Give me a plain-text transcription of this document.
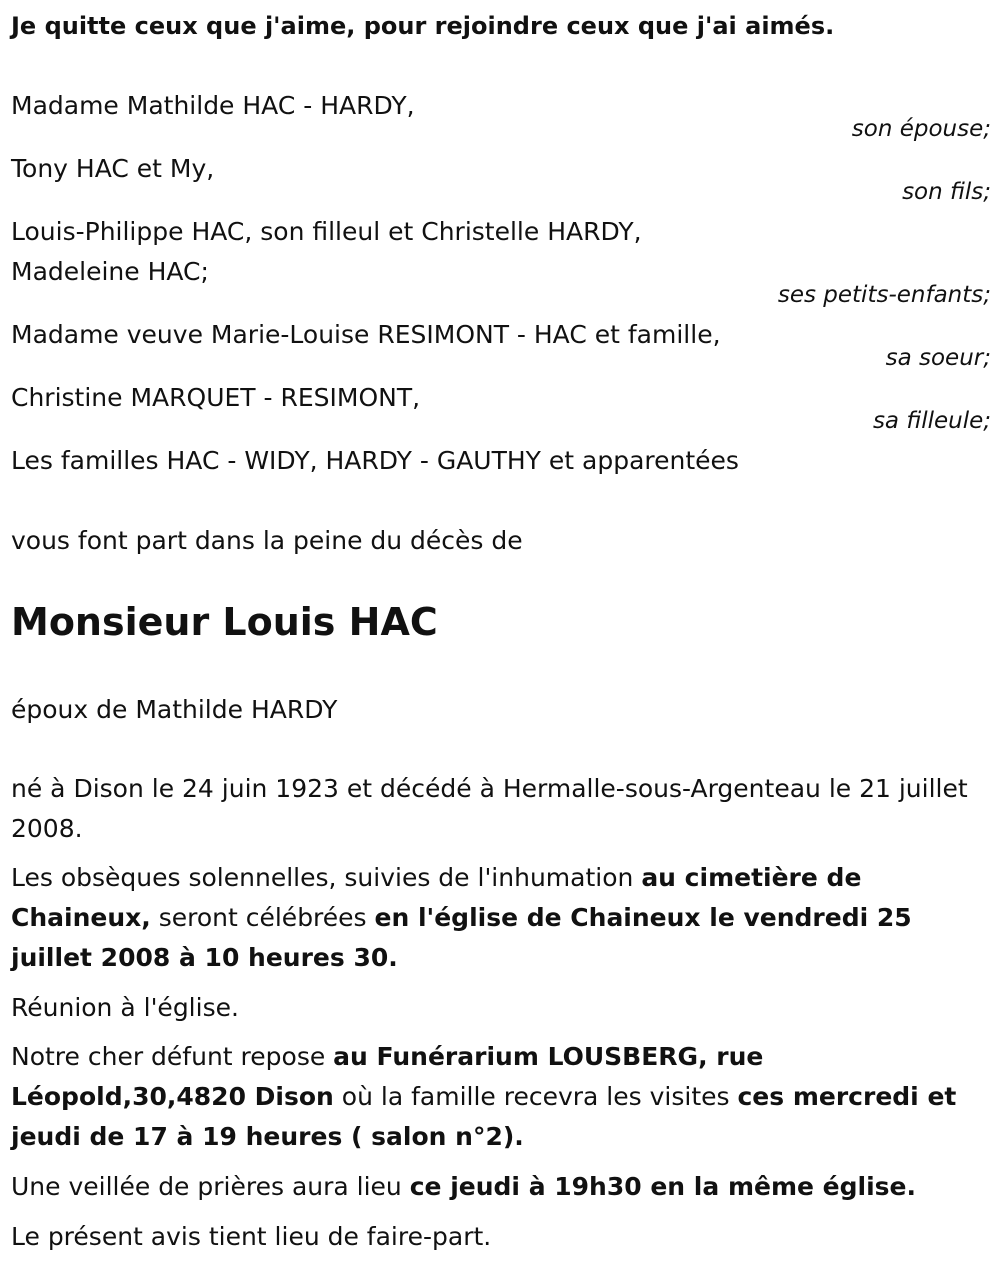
Je quitte ceux que j'aime, pour rejoindre ceux que j'ai aimés.
Madame Mathilde HAC - HARDY,
son épouse;
Tony HAC et My,
son fils;
Louis-Philippe HAC, son filleul et Christelle HARDY,
Madeleine HAC;
ses petits-enfants;
Madame veuve Marie-Louise RESIMONT - HAC et famille,
sa soeur;
Christine MARQUET - RESIMONT,
sa filleule;
Les familles HAC - WIDY, HARDY - GAUTHY et apparentées
vous font part dans la peine du décès de
Monsieur Louis HAC
époux de Mathilde HARDY
né à Dison le 24 juin 1923 et décédé à Hermalle-sous-Argenteau le 21 juillet 2008.
Les obsèques solennelles, suivies de l'inhumation au cimetière de Chaineux, seront célébrées en l'église de Chaineux le vendredi 25 juillet 2008 à 10 heures 30.
Réunion à l'église.
Notre cher défunt repose au Funérarium LOUSBERG, rue Léopold,30,4820 Dison où la famille recevra les visites ces mercredi et jeudi de 17 à 19 heures ( salon n°2).
Une veillée de prières aura lieu ce jeudi à 19h30 en la même église.
Le présent avis tient lieu de faire-part.
